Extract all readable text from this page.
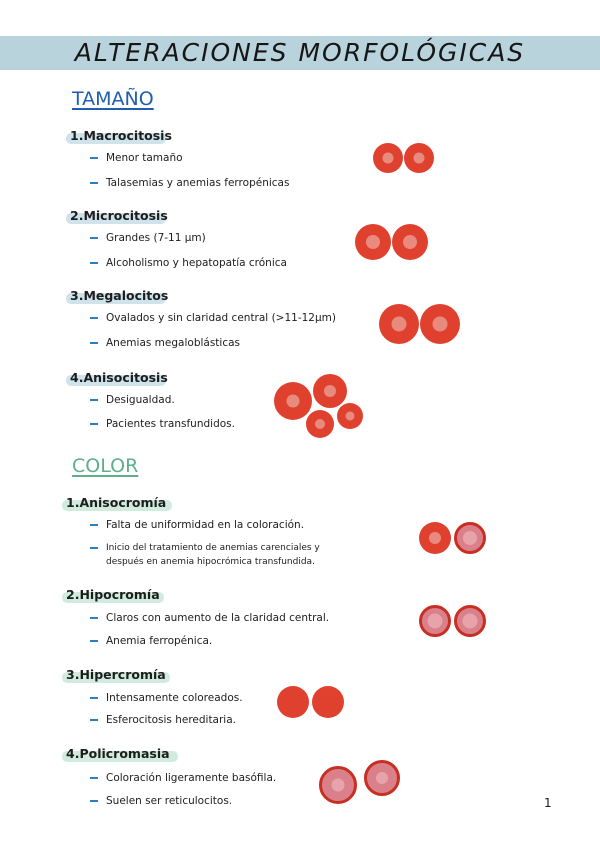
ALTERACIONES MORFOLÓGICAS
TAMAÑO
1.Macrocitosis
Menor tamaño
Talasemias y anemias ferropénicas
2.Microcitosis
Grandes (7-11 µm)
Alcoholismo y hepatopatía crónica
3.Megalocitos
Ovalados y sin claridad central (>11-12µm)
Anemias megaloblásticas
4.Anisocitosis
Desigualdad.
Pacientes transfundidos.
COLOR
1.Anisocromía
Falta de uniformidad en la coloración.
Inicio del tratamiento de anemias carenciales y
después en anemia hipocrómica transfundida.
2.Hipocromía
Claros con aumento de la claridad central.
Anemia ferropénica.
3.Hipercromía
Intensamente coloreados.
Esferocitosis hereditaria.
4.Policromasia
Coloración ligeramente basófila.
Suelen ser reticulocitos.	1
